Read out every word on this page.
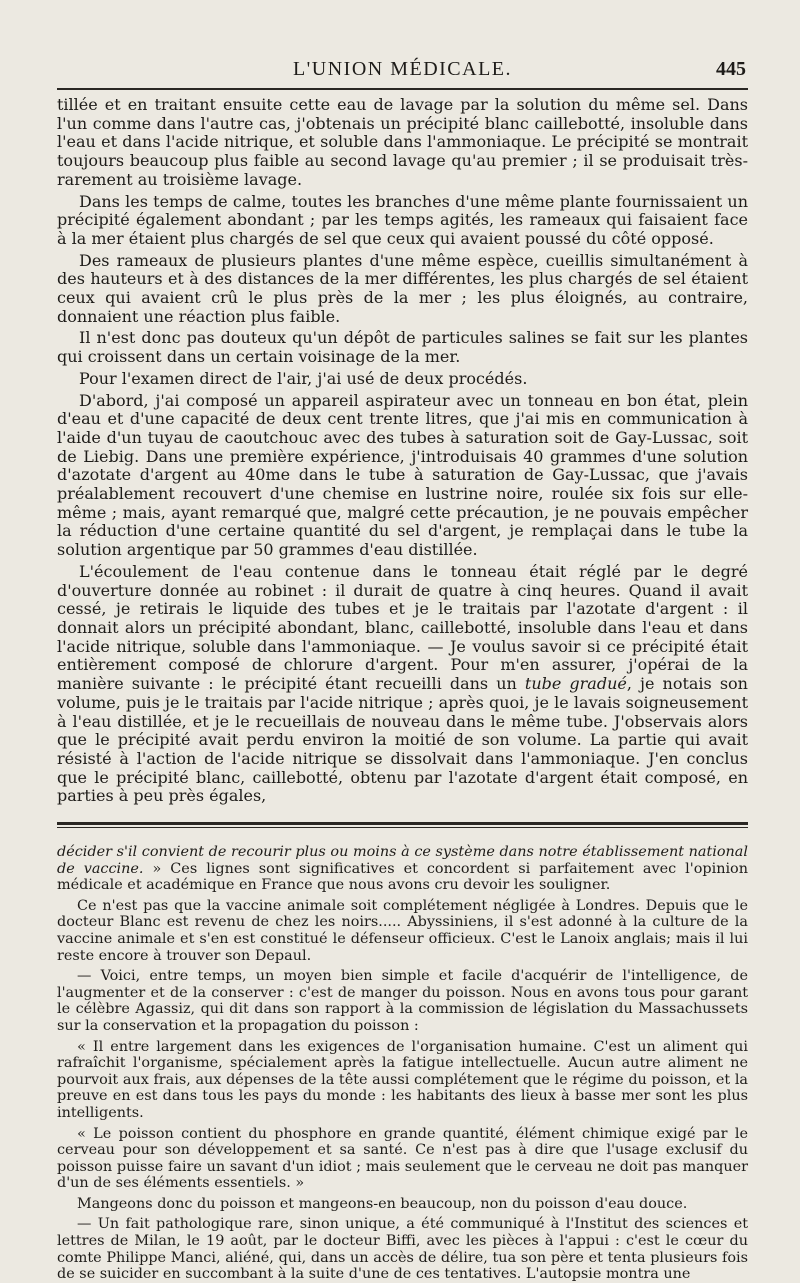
L'UNION MÉDICALE.	445

tillée et en traitant ensuite cette eau de lavage par la solution du même sel. Dans l'un comme dans l'autre cas, j'obtenais un précipité blanc caillebotté, insoluble dans l'eau et dans l'acide nitrique, et soluble dans l'ammoniaque. Le précipité se montrait toujours beaucoup plus faible au second lavage qu'au premier ; il se produisait très-rarement au troisième lavage.

Dans les temps de calme, toutes les branches d'une même plante fournissaient un précipité également abondant ; par les temps agités, les rameaux qui faisaient face à la mer étaient plus chargés de sel que ceux qui avaient poussé du côté opposé.

Des rameaux de plusieurs plantes d'une même espèce, cueillis simultanément à des hauteurs et à des distances de la mer différentes, les plus chargés de sel étaient ceux qui avaient crû le plus près de la mer ; les plus éloignés, au contraire, donnaient une réaction plus faible.

Il n'est donc pas douteux qu'un dépôt de particules salines se fait sur les plantes qui croissent dans un certain voisinage de la mer.

Pour l'examen direct de l'air, j'ai usé de deux procédés.

D'abord, j'ai composé un appareil aspirateur avec un tonneau en bon état, plein d'eau et d'une capacité de deux cent trente litres, que j'ai mis en communication à l'aide d'un tuyau de caoutchouc avec des tubes à saturation soit de Gay-Lussac, soit de Liebig. Dans une première expérience, j'introduisais 40 grammes d'une solution d'azotate d'argent au 40me dans le tube à saturation de Gay-Lussac, que j'avais préalablement recouvert d'une chemise en lustrine noire, roulée six fois sur elle-même ; mais, ayant remarqué que, malgré cette précaution, je ne pouvais empêcher la réduction d'une certaine quantité du sel d'argent, je remplaçai dans le tube la solution argentique par 50 grammes d'eau distillée.

L'écoulement de l'eau contenue dans le tonneau était réglé par le degré d'ouverture donnée au robinet : il durait de quatre à cinq heures. Quand il avait cessé, je retirais le liquide des tubes et je le traitais par l'azotate d'argent : il donnait alors un précipité abondant, blanc, caillebotté, insoluble dans l'eau et dans l'acide nitrique, soluble dans l'ammoniaque. — Je voulus savoir si ce précipité était entièrement composé de chlorure d'argent. Pour m'en assurer, j'opérai de la manière suivante : le précipité étant recueilli dans un tube gradué, je notais son volume, puis je le traitais par l'acide nitrique ; après quoi, je le lavais soigneusement à l'eau distillée, et je le recueillais de nouveau dans le même tube. J'observais alors que le précipité avait perdu environ la moitié de son volume. La partie qui avait résisté à l'action de l'acide nitrique se dissolvait dans l'ammoniaque. J'en conclus que le précipité blanc, caillebotté, obtenu par l'azotate d'argent était composé, en parties à peu près égales,

décider s'il convient de recourir plus ou moins à ce système dans notre établissement national de vaccine. » Ces lignes sont significatives et concordent si parfaitement avec l'opinion médicale et académique en France que nous avons cru devoir les souligner.

Ce n'est pas que la vaccine animale soit complétement négligée à Londres. Depuis que le docteur Blanc est revenu de chez les noirs..... Abyssiniens, il s'est adonné à la culture de la vaccine animale et s'en est constitué le défenseur officieux. C'est le Lanoix anglais; mais il lui reste encore à trouver son Depaul.

— Voici, entre temps, un moyen bien simple et facile d'acquérir de l'intelligence, de l'augmenter et de la conserver : c'est de manger du poisson. Nous en avons tous pour garant le célèbre Agassiz, qui dit dans son rapport à la commission de législation du Massachussets sur la conservation et la propagation du poisson :

« Il entre largement dans les exigences de l'organisation humaine. C'est un aliment qui rafraîchit l'organisme, spécialement après la fatigue intellectuelle. Aucun autre aliment ne pourvoit aux frais, aux dépenses de la tête aussi complétement que le régime du poisson, et la preuve en est dans tous les pays du monde : les habitants des lieux à basse mer sont les plus intelligents.

« Le poisson contient du phosphore en grande quantité, élément chimique exigé par le cerveau pour son développement et sa santé. Ce n'est pas à dire que l'usage exclusif du poisson puisse faire un savant d'un idiot ; mais seulement que le cerveau ne doit pas manquer d'un de ses éléments essentiels. »

Mangeons donc du poisson et mangeons-en beaucoup, non du poisson d'eau douce.

— Un fait pathologique rare, sinon unique, a été communiqué à l'Institut des sciences et lettres de Milan, le 19 août, par le docteur Biffi, avec les pièces à l'appui : c'est le cœur du comte Philippe Manci, aliéné, qui, dans un accès de délire, tua son père et tenta plusieurs fois de se suicider en succombant à la suite d'une de ces tentatives. L'autopsie montra une
